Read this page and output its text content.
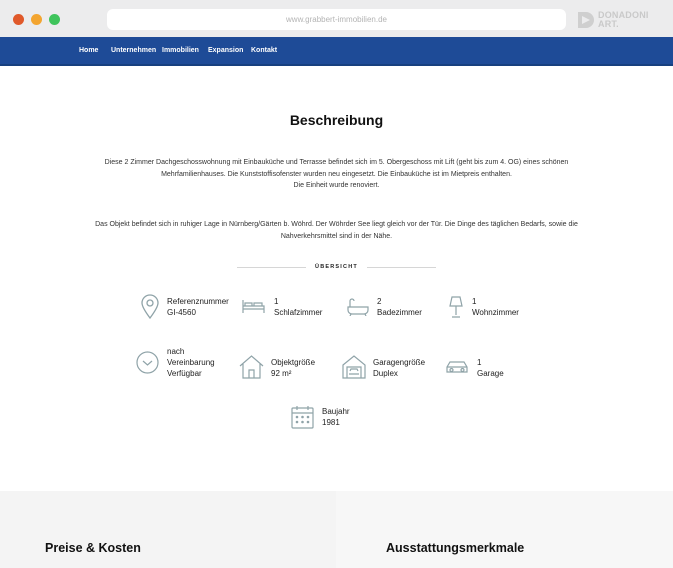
www.grabbert-immobilien.de	DONADONI
ART.
Home Unternehmen Immobilien Expansion Kontakt
Beschreibung
Diese 2 Zimmer Dachgeschosswohnung mit Einbauküche und Terrasse befindet sich im 5. Obergeschoss mit Lift (geht bis zum 4. OG) eines schönen
Mehrfamilienhauses. Die Kunststoffisofenster wurden neu eingesetzt. Die Einbauküche ist im Mietpreis enthalten.
Die Einheit wurde renoviert.
Das Objekt befindet sich in ruhiger Lage in Nürnberg/Gärten b. Wöhrd. Der Wöhrder See liegt gleich vor der Tür. Die Dinge des täglichen Bedarfs, sowie die
Nahverkehrsmittel sind in der Nähe.
ÜBERSICHT
Referenznummer
GI-4560
1
Schlafzimmer
2
Badezimmer
1
Wohnzimmer
nach
Vereinbarung
Verfügbar
Objektgröße
92 m²
Garagengröße
Duplex
1
Garage
Baujahr
1981
Preise & Kosten	Ausstattungsmerkmale
